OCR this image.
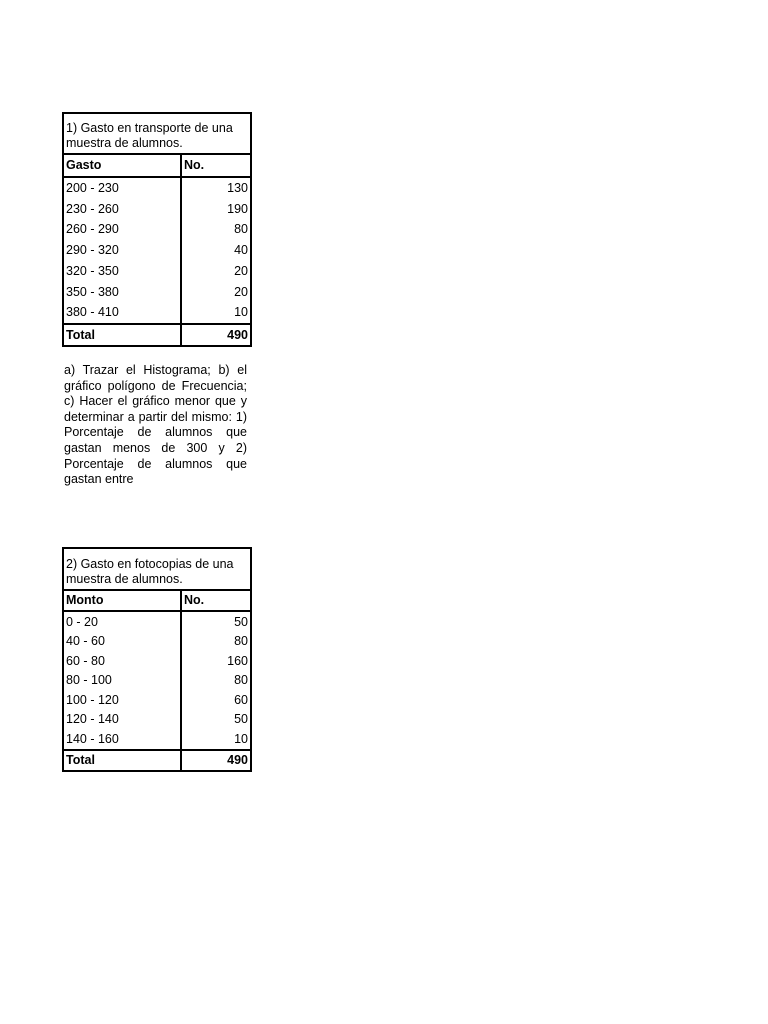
1) Gasto en transporte de una muestra de alumnos.	
Gasto	No.
200 - 230	130
230 - 260	190
260 - 290	80
290 - 320	40
320 - 350	20
350 - 380	20
380 - 410	10
Total	490

a) Trazar el Histograma; b) el gráfico polígono de Frecuencia; c) Hacer el gráfico menor que y determinar a partir del mismo: 1) Porcentaje de alumnos que gastan menos de 300 y 2) Porcentaje de alumnos que gastan entre

2) Gasto en fotocopias de una muestra de alumnos.	
Monto	No.
0 - 20	50
40 - 60	80
60 - 80	160
80 - 100	80
100 - 120	60
120 - 140	50
140 - 160	10
Total	490
